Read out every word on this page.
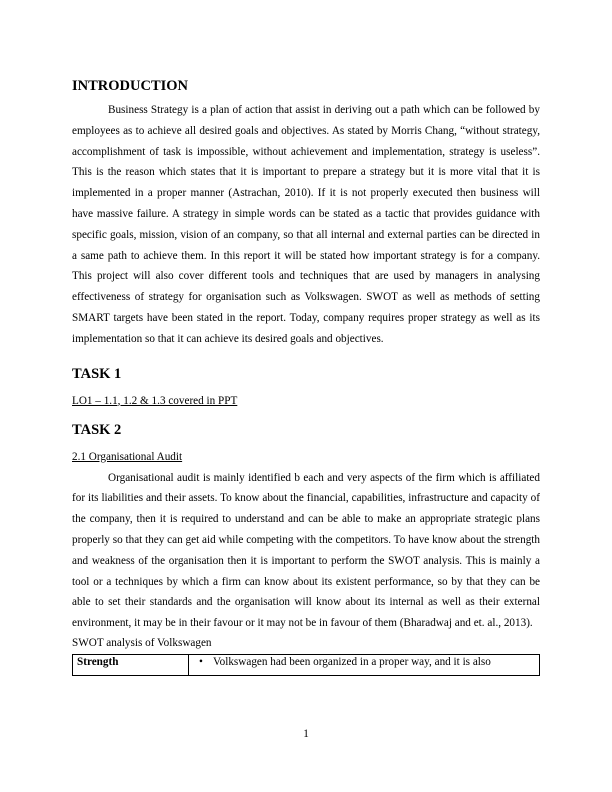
INTRODUCTION

Business Strategy is a plan of action that assist in deriving out a path which can be followed by employees as to achieve all desired goals and objectives. As stated by Morris Chang, “without strategy, accomplishment of task is impossible, without achievement and implementation, strategy is useless”. This is the reason which states that it is important to prepare a strategy but it is more vital that it is implemented in a proper manner (Astrachan, 2010). If it is not properly executed then business will have massive failure. A strategy in simple words can be stated as a tactic that provides guidance with specific goals, mission, vision of an company, so that all internal and external parties can be directed in a same path to achieve them. In this report it will be stated how important strategy is for a company. This project will also cover different tools and techniques that are used by managers in analysing effectiveness of strategy for organisation such as Volkswagen. SWOT as well as methods of setting SMART targets have been stated in the report. Today, company requires proper strategy as well as its implementation so that it can achieve its desired goals and objectives.

TASK 1

LO1 – 1.1, 1.2 & 1.3 covered in PPT

TASK 2

2.1 Organisational Audit

Organisational audit is mainly identified b each and very aspects of the firm which is affiliated for its liabilities and their assets. To know about the financial, capabilities, infrastructure and capacity of the company, then it is required to understand and can be able to make an appropriate strategic plans properly so that they can get aid while competing with the competitors. To have know about the strength and weakness of the organisation then it is important to perform the SWOT analysis. This is mainly a tool or a techniques by which a firm can know about its existent performance, so by that they can be able to set their standards and the organisation will know about its internal as well as their external environment, it may be in their favour or it may not be in favour of them (Bharadwaj and et. al., 2013).

SWOT analysis of Volkswagen

Strength	• Volkswagen had been organized in a proper way, and it is also
1
